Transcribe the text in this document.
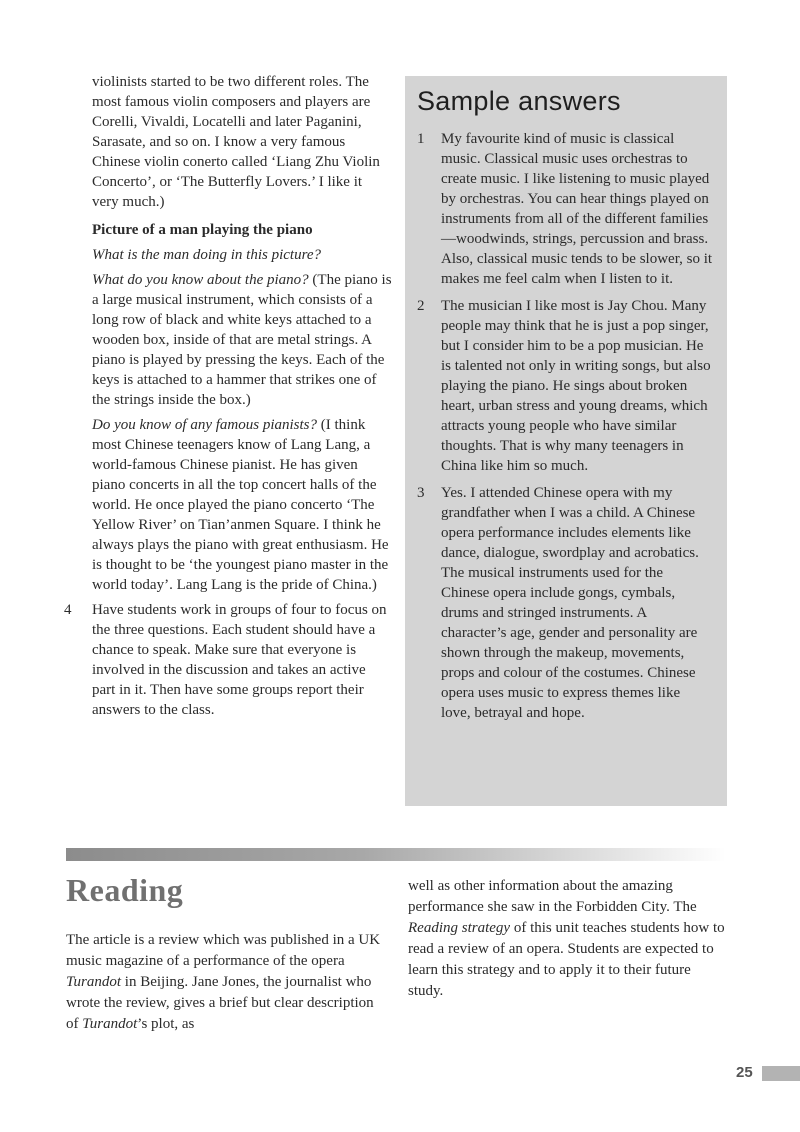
violinists started to be two different roles. The most famous violin composers and players are Corelli, Vivaldi, Locatelli and later Paganini, Sarasate, and so on. I know a very famous Chinese violin conerto called ‘Liang Zhu Violin Concerto’, or ‘The Butterfly Lovers.’ I like it very much.)

Picture of a man playing the piano

What is the man doing in this picture?

What do you know about the piano? (The piano is a large musical instrument, which consists of a long row of black and white keys attached to a wooden box, inside of that are metal strings. A piano is played by pressing the keys. Each of the keys is attached to a hammer that strikes one of the strings inside the box.)

Do you know of any famous pianists? (I think most Chinese teenagers know of Lang Lang, a world-famous Chinese pianist. He has given piano concerts in all the top concert halls of the world. He once played the piano concerto ‘The Yellow River’ on Tian’anmen Square. I think he always plays the piano with great enthusiasm. He is thought to be ‘the youngest piano master in the world today’. Lang Lang is the pride of China.)

4 Have students work in groups of four to focus on the three questions. Each student should have a chance to speak. Make sure that everyone is involved in the discussion and takes an active part in it. Then have some groups report their answers to the class.

Sample answers
1 My favourite kind of music is classical music. Classical music uses orchestras to create music. I like listening to music played by orchestras. You can hear things played on instruments from all of the different families—woodwinds, strings, percussion and brass. Also, classical music tends to be slower, so it makes me feel calm when I listen to it.
2 The musician I like most is Jay Chou. Many people may think that he is just a pop singer, but I consider him to be a pop musician. He is talented not only in writing songs, but also playing the piano. He sings about broken heart, urban stress and young dreams, which attracts young people who have similar thoughts. That is why many teenagers in China like him so much.
3 Yes. I attended Chinese opera with my grandfather when I was a child. A Chinese opera performance includes elements like dance, dialogue, swordplay and acrobatics. The musical instruments used for the Chinese opera include gongs, cymbals, drums and stringed instruments. A character’s age, gender and personality are shown through the makeup, movements, props and colour of the costumes. Chinese opera uses music to express themes like love, betrayal and hope.
Reading

The article is a review which was published in a UK music magazine of a performance of the opera Turandot in Beijing. Jane Jones, the journalist who wrote the review, gives a brief but clear description of Turandot’s plot, as

well as other information about the amazing performance she saw in the Forbidden City. The Reading strategy of this unit teaches students how to read a review of an opera. Students are expected to learn this strategy and to apply it to their future study.

25
